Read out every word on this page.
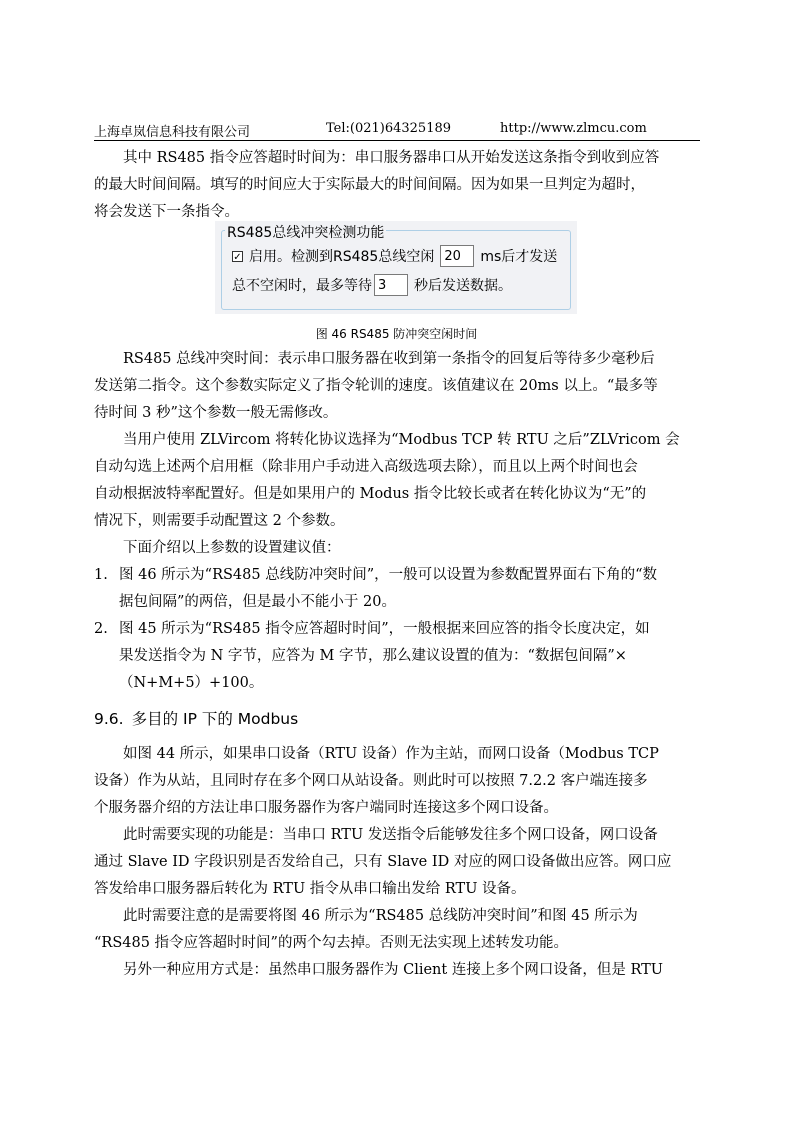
上海卓岚信息科技有限公司	Tel:(021)64325189	http://www.zlmcu.com
其中 RS485 指令应答超时时间为：串口服务器串口从开始发送这条指令到收到应答
的最大时间间隔。填写的时间应大于实际最大的时间间隔。因为如果一旦判定为超时，
将会发送下一条指令。
RS485总线冲突检测功能
✓ 启用。检测到RS485总线空闲 20	ms后才发送
总不空闲时，最多等待 3	秒后发送数据。
图 46 RS485 防冲突空闲时间
RS485 总线冲突时间：表示串口服务器在收到第一条指令的回复后等待多少毫秒后
发送第二指令。这个参数实际定义了指令轮训的速度。该值建议在 20ms 以上。“最多等
待时间 3 秒”这个参数一般无需修改。
当用户使用 ZLVircom 将转化协议选择为“Modbus TCP 转 RTU 之后”ZLVricom 会
自动勾选上述两个启用框（除非用户手动进入高级选项去除），而且以上两个时间也会
自动根据波特率配置好。但是如果用户的 Modus 指令比较长或者在转化协议为“无”的
情况下，则需要手动配置这 2 个参数。
下面介绍以上参数的设置建议值：
1. 图 46 所示为“RS485 总线防冲突时间”，一般可以设置为参数配置界面右下角的“数
据包间隔”的两倍，但是最小不能小于 20。
2. 图 45 所示为“RS485 指令应答超时时间”，一般根据来回应答的指令长度决定，如
果发送指令为 N 字节，应答为 M 字节，那么建议设置的值为：“数据包间隔”×
（N+M+5）+100。
9.6. 多目的 IP 下的 Modbus
如图 44 所示，如果串口设备（RTU 设备）作为主站，而网口设备（Modbus TCP
设备）作为从站，且同时存在多个网口从站设备。则此时可以按照 7.2.2 客户端连接多
个服务器介绍的方法让串口服务器作为客户端同时连接这多个网口设备。
此时需要实现的功能是：当串口 RTU 发送指令后能够发往多个网口设备，网口设备
通过 Slave ID 字段识别是否发给自己，只有 Slave ID 对应的网口设备做出应答。网口应
答发给串口服务器后转化为 RTU 指令从串口输出发给 RTU 设备。
此时需要注意的是需要将图 46 所示为“RS485 总线防冲突时间”和图 45 所示为
“RS485 指令应答超时时间”的两个勾去掉。否则无法实现上述转发功能。
另外一种应用方式是：虽然串口服务器作为 Client 连接上多个网口设备，但是 RTU
